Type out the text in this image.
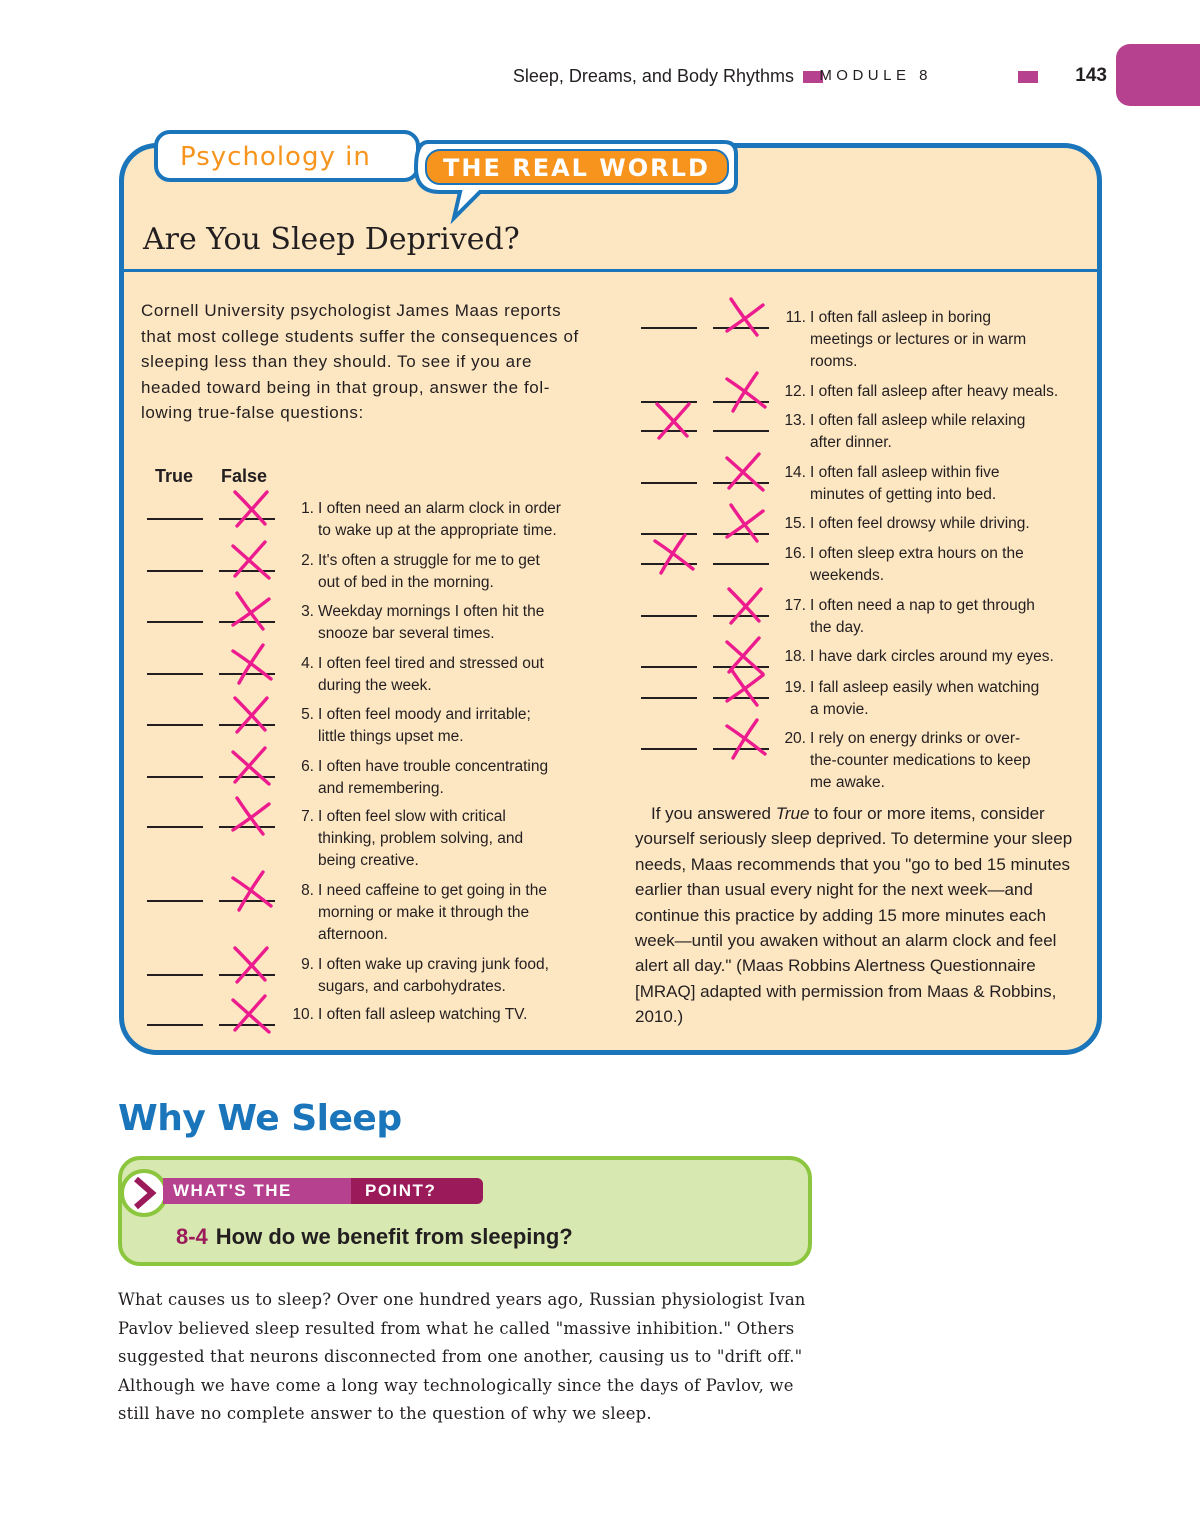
Sleep, Dreams, and Body Rhythms MODULE 8	143
Psychology in	THE REAL WORLD
Are You Sleep Deprived?
Cornell University psychologist James Maas reports that most college students suffer the consequences of sleeping less than they should. To see if you are headed toward being in that group, answer the fol-lowing true-false questions:
True False
1. I often need an alarm clock in order
to wake up at the appropriate time.
2. It's often a struggle for me to get
out of bed in the morning.
3. Weekday mornings I often hit the
snooze bar several times.
4. I often feel tired and stressed out
during the week.
5. I often feel moody and irritable;
little things upset me.
6. I often have trouble concentrating
and remembering.
7. I often feel slow with critical
thinking, problem solving, and
being creative.
8. I need caffeine to get going in the
morning or make it through the
afternoon.
9. I often wake up craving junk food,
sugars, and carbohydrates.
10. I often fall asleep watching TV.
11. I often fall asleep in boring
meetings or lectures or in warm
rooms.
12. I often fall asleep after heavy meals.
13. I often fall asleep while relaxing
after dinner.
14. I often fall asleep within five
minutes of getting into bed.
15. I often feel drowsy while driving.
16. I often sleep extra hours on the
weekends.
17. I often need a nap to get through
the day.
18. I have dark circles around my eyes.
19. I fall asleep easily when watching
a movie.
20. I rely on energy drinks or over-
the-counter medications to keep
me awake.
If you answered True to four or more items, consider yourself seriously sleep deprived. To determine your sleep needs, Maas recommends that you "go to bed 15 minutes earlier than usual every night for the next week—and continue this practice by adding 15 more minutes each week—until you awaken without an alarm clock and feel alert all day." (Maas Robbins Alertness Questionnaire [MRAQ] adapted with permission from Maas & Robbins, 2010.)
Why We Sleep
WHAT'S THE	POINT?
8-4 How do we benefit from sleeping?
What causes us to sleep? Over one hundred years ago, Russian physiologist Ivan Pavlov believed sleep resulted from what he called "massive inhibition." Others suggested that neurons disconnected from one another, causing us to "drift off." Although we have come a long way technologically since the days of Pavlov, we still have no complete answer to the question of why we sleep.
